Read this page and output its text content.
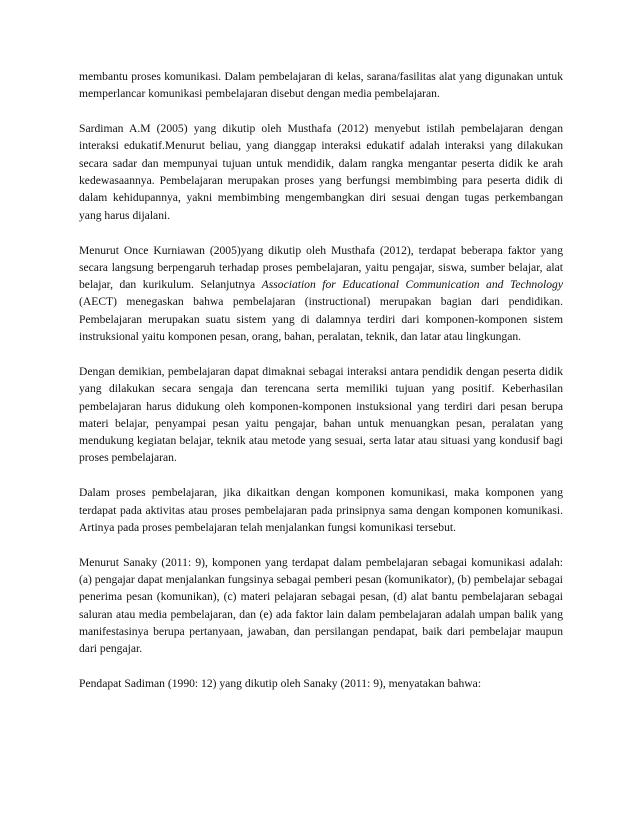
membantu proses komunikasi. Dalam pembelajaran di kelas, sarana/fasilitas alat yang digunakan untuk memperlancar komunikasi pembelajaran disebut dengan media pembelajaran.

Sardiman A.M (2005) yang dikutip oleh Musthafa (2012) menyebut istilah pembelajaran dengan interaksi edukatif.Menurut beliau, yang dianggap interaksi edukatif adalah interaksi yang dilakukan secara sadar dan mempunyai tujuan untuk mendidik, dalam rangka mengantar peserta didik ke arah kedewasaannya. Pembelajaran merupakan proses yang berfungsi membimbing para peserta didik di dalam kehidupannya, yakni membimbing mengembangkan diri sesuai dengan tugas perkembangan yang harus dijalani.

Menurut Once Kurniawan (2005)yang dikutip oleh Musthafa (2012), terdapat beberapa faktor yang secara langsung berpengaruh terhadap proses pembelajaran, yaitu pengajar, siswa, sumber belajar, alat belajar, dan kurikulum. Selanjutnya Association for Educational Communication and Technology (AECT) menegaskan bahwa pembelajaran (instructional) merupakan bagian dari pendidikan. Pembelajaran merupakan suatu sistem yang di dalamnya terdiri dari komponen-komponen sistem instruksional yaitu komponen pesan, orang, bahan, peralatan, teknik, dan latar atau lingkungan.

Dengan demikian, pembelajaran dapat dimaknai sebagai interaksi antara pendidik dengan peserta didik yang dilakukan secara sengaja dan terencana serta memiliki tujuan yang positif. Keberhasilan pembelajaran harus didukung oleh komponen-komponen instuksional yang terdiri dari pesan berupa materi belajar, penyampai pesan yaitu pengajar, bahan untuk menuangkan pesan, peralatan yang mendukung kegiatan belajar, teknik atau metode yang sesuai, serta latar atau situasi yang kondusif bagi proses pembelajaran.

Dalam proses pembelajaran, jika dikaitkan dengan komponen komunikasi, maka komponen yang terdapat pada aktivitas atau proses pembelajaran pada prinsipnya sama dengan komponen komunikasi. Artinya pada proses pembelajaran telah menjalankan fungsi komunikasi tersebut.

Menurut Sanaky (2011: 9), komponen yang terdapat dalam pembelajaran sebagai komunikasi adalah: (a) pengajar dapat menjalankan fungsinya sebagai pemberi pesan (komunikator), (b) pembelajar sebagai penerima pesan (komunikan), (c) materi pelajaran sebagai pesan, (d) alat bantu pembelajaran sebagai saluran atau media pembelajaran, dan (e) ada faktor lain dalam pembelajaran adalah umpan balik yang manifestasinya berupa pertanyaan, jawaban, dan persilangan pendapat, baik dari pembelajar maupun dari pengajar.

Pendapat Sadiman (1990: 12) yang dikutip oleh Sanaky (2011: 9), menyatakan bahwa:
